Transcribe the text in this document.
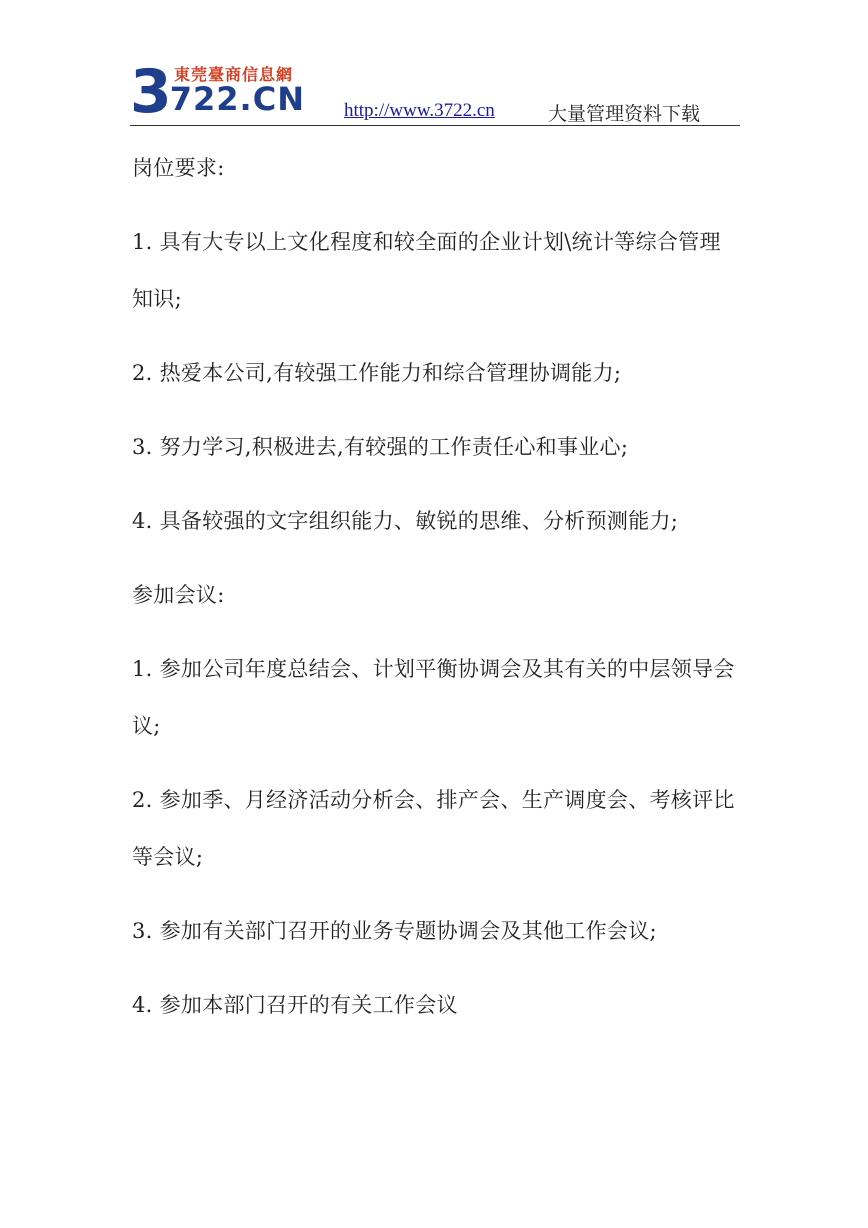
3722.CN
東莞臺商信息網
http://www.3722.cn	大量管理资料下载

岗位要求:

1. 具有大专以上文化程度和较全面的企业计划\统计等综合管理知识;

2. 热爱本公司,有较强工作能力和综合管理协调能力;

3. 努力学习,积极进去,有较强的工作责任心和事业心;

4. 具备较强的文字组织能力、敏锐的思维、分析预测能力;

参加会议:

1. 参加公司年度总结会、计划平衡协调会及其有关的中层领导会议;

2. 参加季、月经济活动分析会、排产会、生产调度会、考核评比等会议;

3. 参加有关部门召开的业务专题协调会及其他工作会议;

4. 参加本部门召开的有关工作会议
